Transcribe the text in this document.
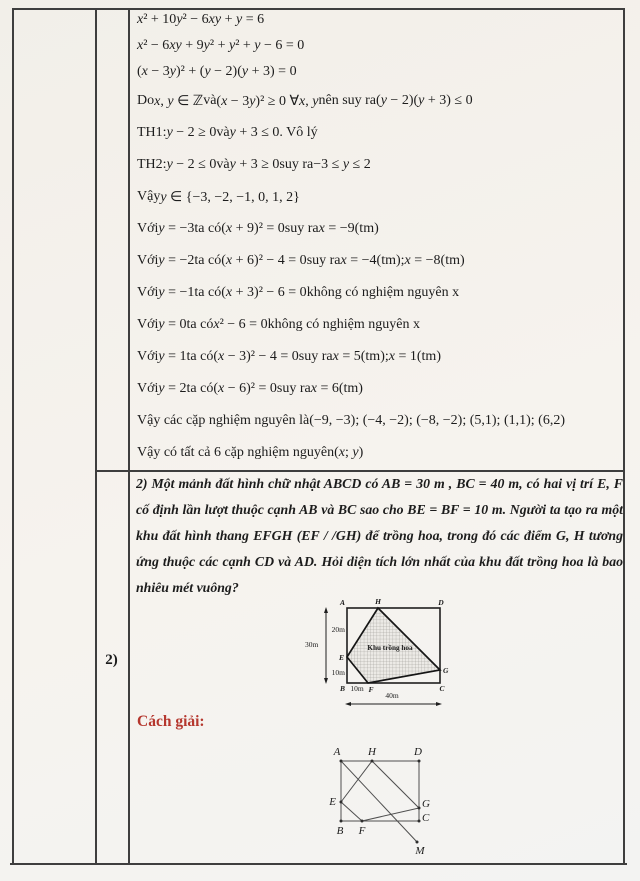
x² + 10y² − 6xy + y = 6
x² − 6xy + 9y² + y² + y − 6 = 0
(x − 3y)² + (y − 2)(y + 3) = 0
Do x, y ∈ ℤ và (x − 3y)² ≥ 0 ∀x, y nên suy ra (y − 2)(y + 3) ≤ 0
TH1: y − 2 ≥ 0 và y + 3 ≤ 0 . Vô lý
TH2: y − 2 ≤ 0 và y + 3 ≥ 0 suy ra −3 ≤ y ≤ 2
Vậy y ∈ {−3, −2, −1, 0, 1, 2}
Với y = −3 ta có (x + 9)² = 0 suy ra x = −9 (tm)
Với y = −2 ta có (x + 6)² − 4 = 0 suy ra x = −4 (tm); x = −8 (tm)
Với y = −1 ta có (x + 3)² − 6 = 0 không có nghiệm nguyên x
Với y = 0 ta có x² − 6 = 0 không có nghiệm nguyên x
Với y = 1 ta có (x − 3)² − 4 = 0 suy ra x = 5 (tm); x = 1 (tm)
Với y = 2 ta có (x − 6)² = 0 suy ra x = 6 (tm)
Vậy các cặp nghiệm nguyên là (−9, −3); (−4, −2); (−8, −2); (5,1); (1,1); (6,2)
Vậy có tất cả 6 cặp nghiệm nguyên (x; y)
2)
2) Một mảnh đất hình chữ nhật ABCD có AB = 30 m , BC = 40 m, có hai vị trí E, F
cố định lần lượt thuộc cạnh AB và BC sao cho BE = BF = 10 m. Người ta tạo ra một
khu đất hình thang EFGH (EF / /GH) để trồng hoa, trong đó các điểm G, H tương
ứng thuộc các cạnh CD và AD. Hỏi diện tích lớn nhất của khu đất trồng hoa là bao
nhiêu mét vuông?
30m
20m
10m
10m
40m
A	H	D
E
B	F
G
C
Khu trồng hoa
Cách giải:
A	H	D
E
B F
G
C
M
